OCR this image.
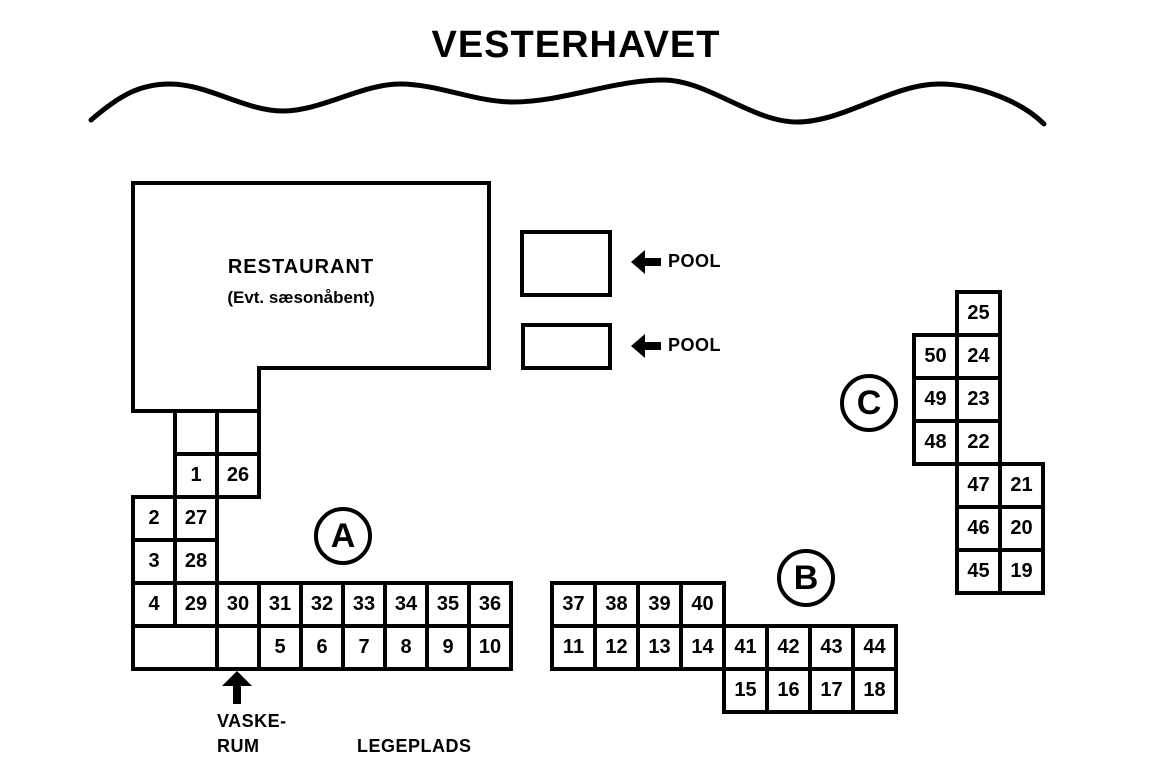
VESTERHAVET
RESTAURANT
(Evt. sæsonåbent)
POOL
POOL
A
B
C
1	26
2	27
3	28
4	29 30 31 32 33 34 35 36
5	6	7	8	9	10
37	38	39	40
11	12	13	14	41	42	43	44
15	16	17	18
50
49
48
25
24
23
22
47
46
45
21
20
19
VASKE-
RUM	LEGEPLADS
